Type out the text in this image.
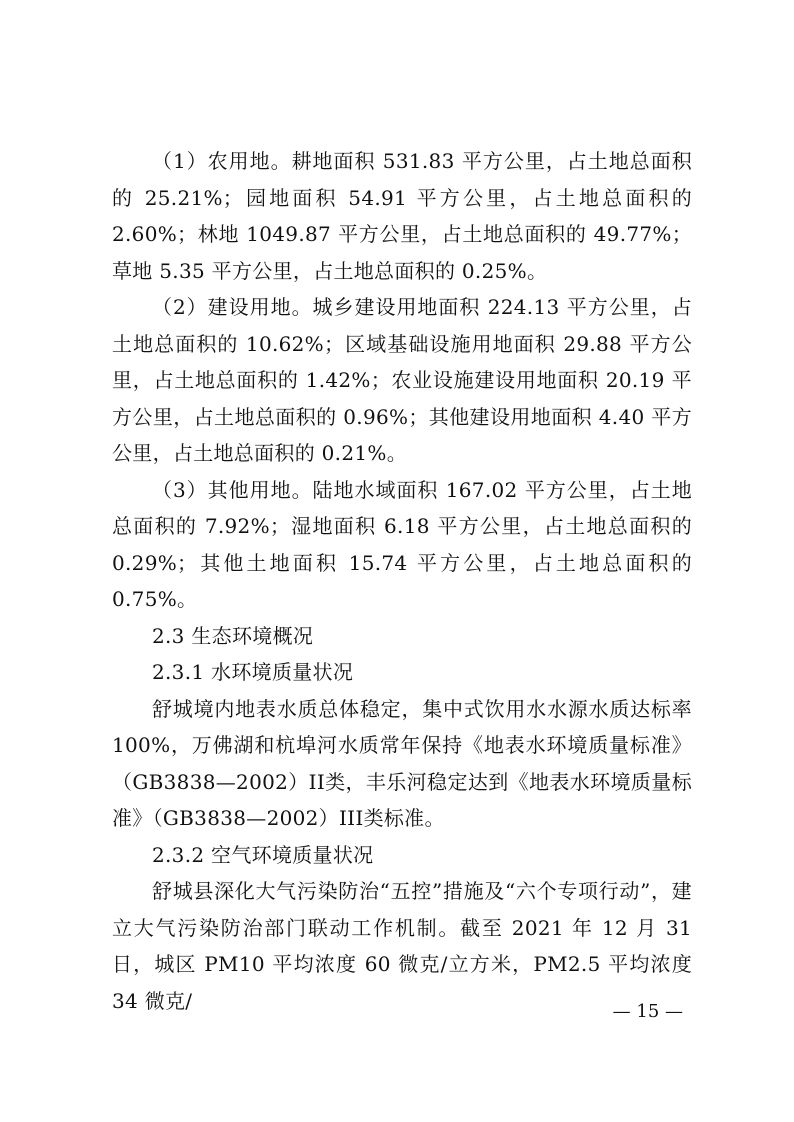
（1）农用地。耕地面积 531.83 平方公里，占土地总面积的 25.21%；园地面积 54.91 平方公里，占土地总面积的 2.60%；林地 1049.87 平方公里，占土地总面积的 49.77%；草地 5.35 平方公里，占土地总面积的 0.25%。

（2）建设用地。城乡建设用地面积 224.13 平方公里，占土地总面积的 10.62%；区域基础设施用地面积 29.88 平方公里，占土地总面积的 1.42%；农业设施建设用地面积 20.19 平方公里，占土地总面积的 0.96%；其他建设用地面积 4.40 平方公里，占土地总面积的 0.21%。

（3）其他用地。陆地水域面积 167.02 平方公里，占土地总面积的 7.92%；湿地面积 6.18 平方公里，占土地总面积的 0.29%；其他土地面积 15.74 平方公里，占土地总面积的 0.75%。

2.3 生态环境概况

2.3.1 水环境质量状况

舒城境内地表水质总体稳定，集中式饮用水水源水质达标率 100%，万佛湖和杭埠河水质常年保持《地表水环境质量标准》（GB3838—2002）II类，丰乐河稳定达到《地表水环境质量标准》（GB3838—2002）III类标准。

2.3.2 空气环境质量状况

舒城县深化大气污染防治“五控”措施及“六个专项行动”，建立大气污染防治部门联动工作机制。截至 2021 年 12 月 31 日，城区 PM10 平均浓度 60 微克/立方米，PM2.5 平均浓度 34 微克/	— 15 —
